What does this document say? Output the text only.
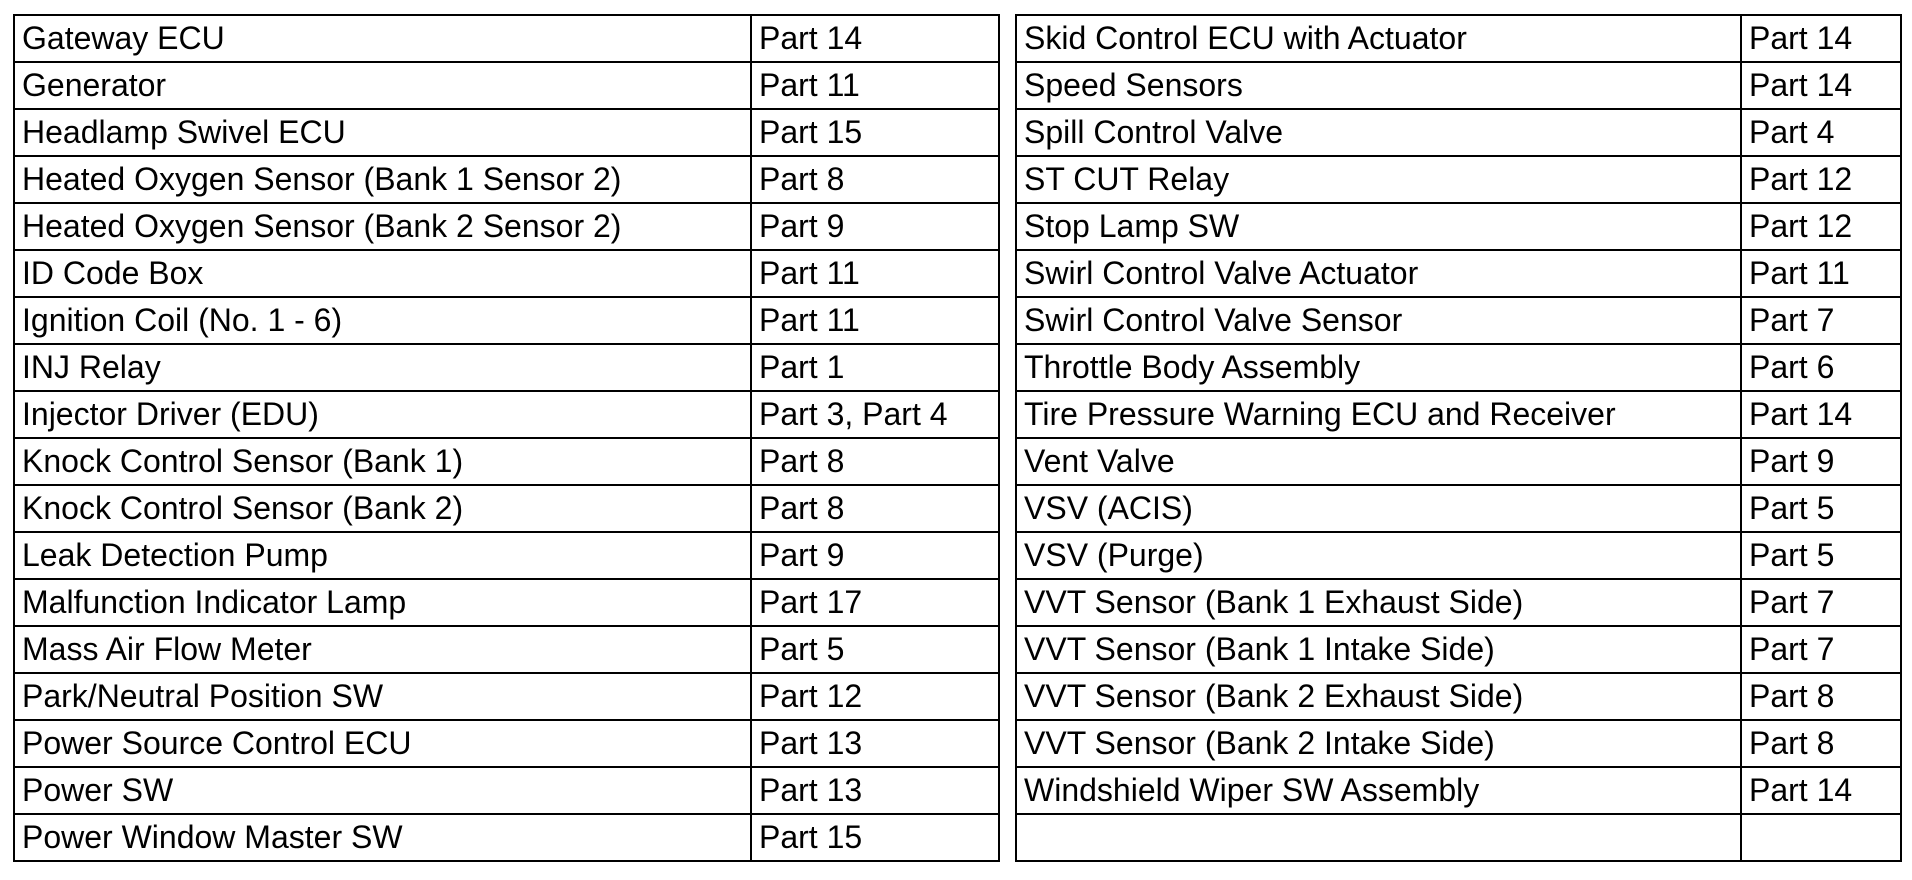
Gateway ECU	Part 14
Generator	Part 11
Headlamp Swivel ECU	Part 15
Heated Oxygen Sensor (Bank 1 Sensor 2)	Part 8
Heated Oxygen Sensor (Bank 2 Sensor 2)	Part 9
ID Code Box	Part 11
Ignition Coil (No. 1 - 6)	Part 11
INJ Relay	Part 1
Injector Driver (EDU)	Part 3, Part 4
Knock Control Sensor (Bank 1)	Part 8
Knock Control Sensor (Bank 2)	Part 8
Leak Detection Pump	Part 9
Malfunction Indicator Lamp	Part 17
Mass Air Flow Meter	Part 5
Park/Neutral Position SW	Part 12
Power Source Control ECU	Part 13
Power SW	Part 13
Power Window Master SW	Part 15
Skid Control ECU with Actuator	Part 14
Speed Sensors	Part 14
Spill Control Valve	Part 4
ST CUT Relay	Part 12
Stop Lamp SW	Part 12
Swirl Control Valve Actuator	Part 11
Swirl Control Valve Sensor	Part 7
Throttle Body Assembly	Part 6
Tire Pressure Warning ECU and Receiver	Part 14
Vent Valve	Part 9
VSV (ACIS)	Part 5
VSV (Purge)	Part 5
VVT Sensor (Bank 1 Exhaust Side)	Part 7
VVT Sensor (Bank 1 Intake Side)	Part 7
VVT Sensor (Bank 2 Exhaust Side)	Part 8
VVT Sensor (Bank 2 Intake Side)	Part 8
Windshield Wiper SW Assembly	Part 14
